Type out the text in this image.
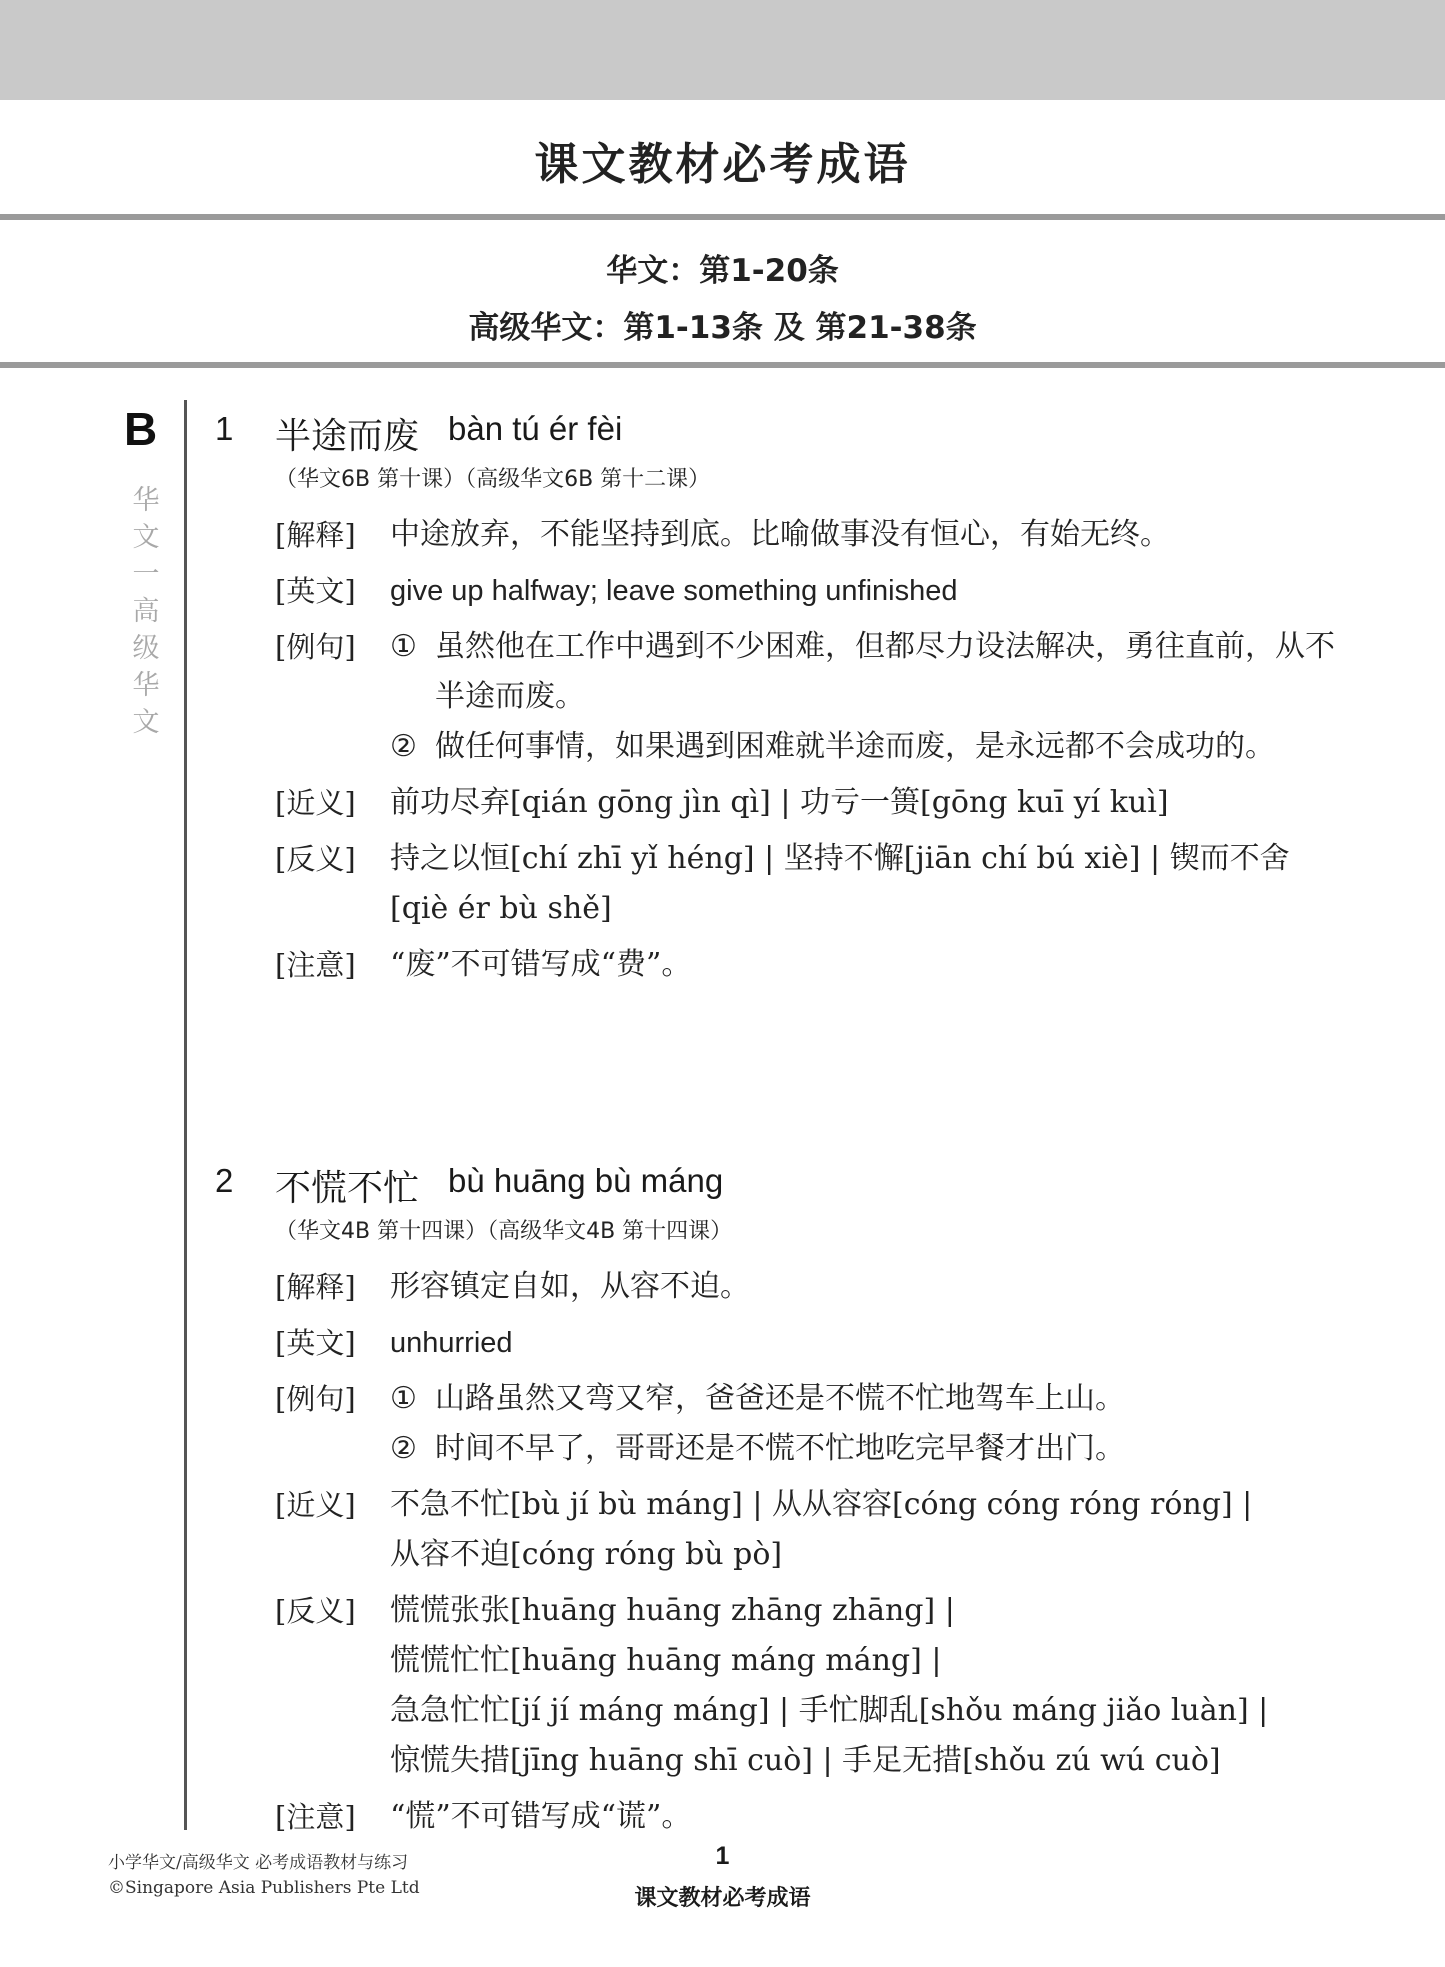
课文教材必考成语
华文：第1-20条
高级华文：第1-13条 及 第21-38条
B
华文一高级华文
1 半途而废 bàn tú ér fèi
（华文6B 第十课）（高级华文6B 第十二课）
[解释] 中途放弃，不能坚持到底。比喻做事没有恒心，有始无终。
[英文] give up halfway; leave something unfinished
[例句] ① 虽然他在工作中遇到不少困难，但都尽力设法解决，勇往直前，从不半途而废。
② 做任何事情，如果遇到困难就半途而废，是永远都不会成功的。
[近义] 前功尽弃[qián gōng jìn qì] | 功亏一篑[gōng kuī yí kuì]
[反义] 持之以恒[chí zhī yǐ héng] | 坚持不懈[jiān chí bú xiè] | 锲而不舍[qiè ér bù shě]
[注意] “废”不可错写成“费”。
2 不慌不忙 bù huāng bù máng
（华文4B 第十四课）（高级华文4B 第十四课）
[解释] 形容镇定自如，从容不迫。
[英文] unhurried
[例句] ① 山路虽然又弯又窄，爸爸还是不慌不忙地驾车上山。
② 时间不早了，哥哥还是不慌不忙地吃完早餐才出门。
[近义] 不急不忙[bù jí bù máng] | 从从容容[cóng cóng róng róng] |
从容不迫[cóng róng bù pò]
[反义] 慌慌张张[huāng huāng zhāng zhāng] |
慌慌忙忙[huāng huāng máng máng] |
急急忙忙[jí jí máng máng] | 手忙脚乱[shǒu máng jiǎo luàn] |
惊慌失措[jīng huāng shī cuò] | 手足无措[shǒu zú wú cuò]
[注意] “慌”不可错写成“谎”。
小学华文/高级华文 必考成语教材与练习
©Singapore Asia Publishers Pte Ltd
1
课文教材必考成语
